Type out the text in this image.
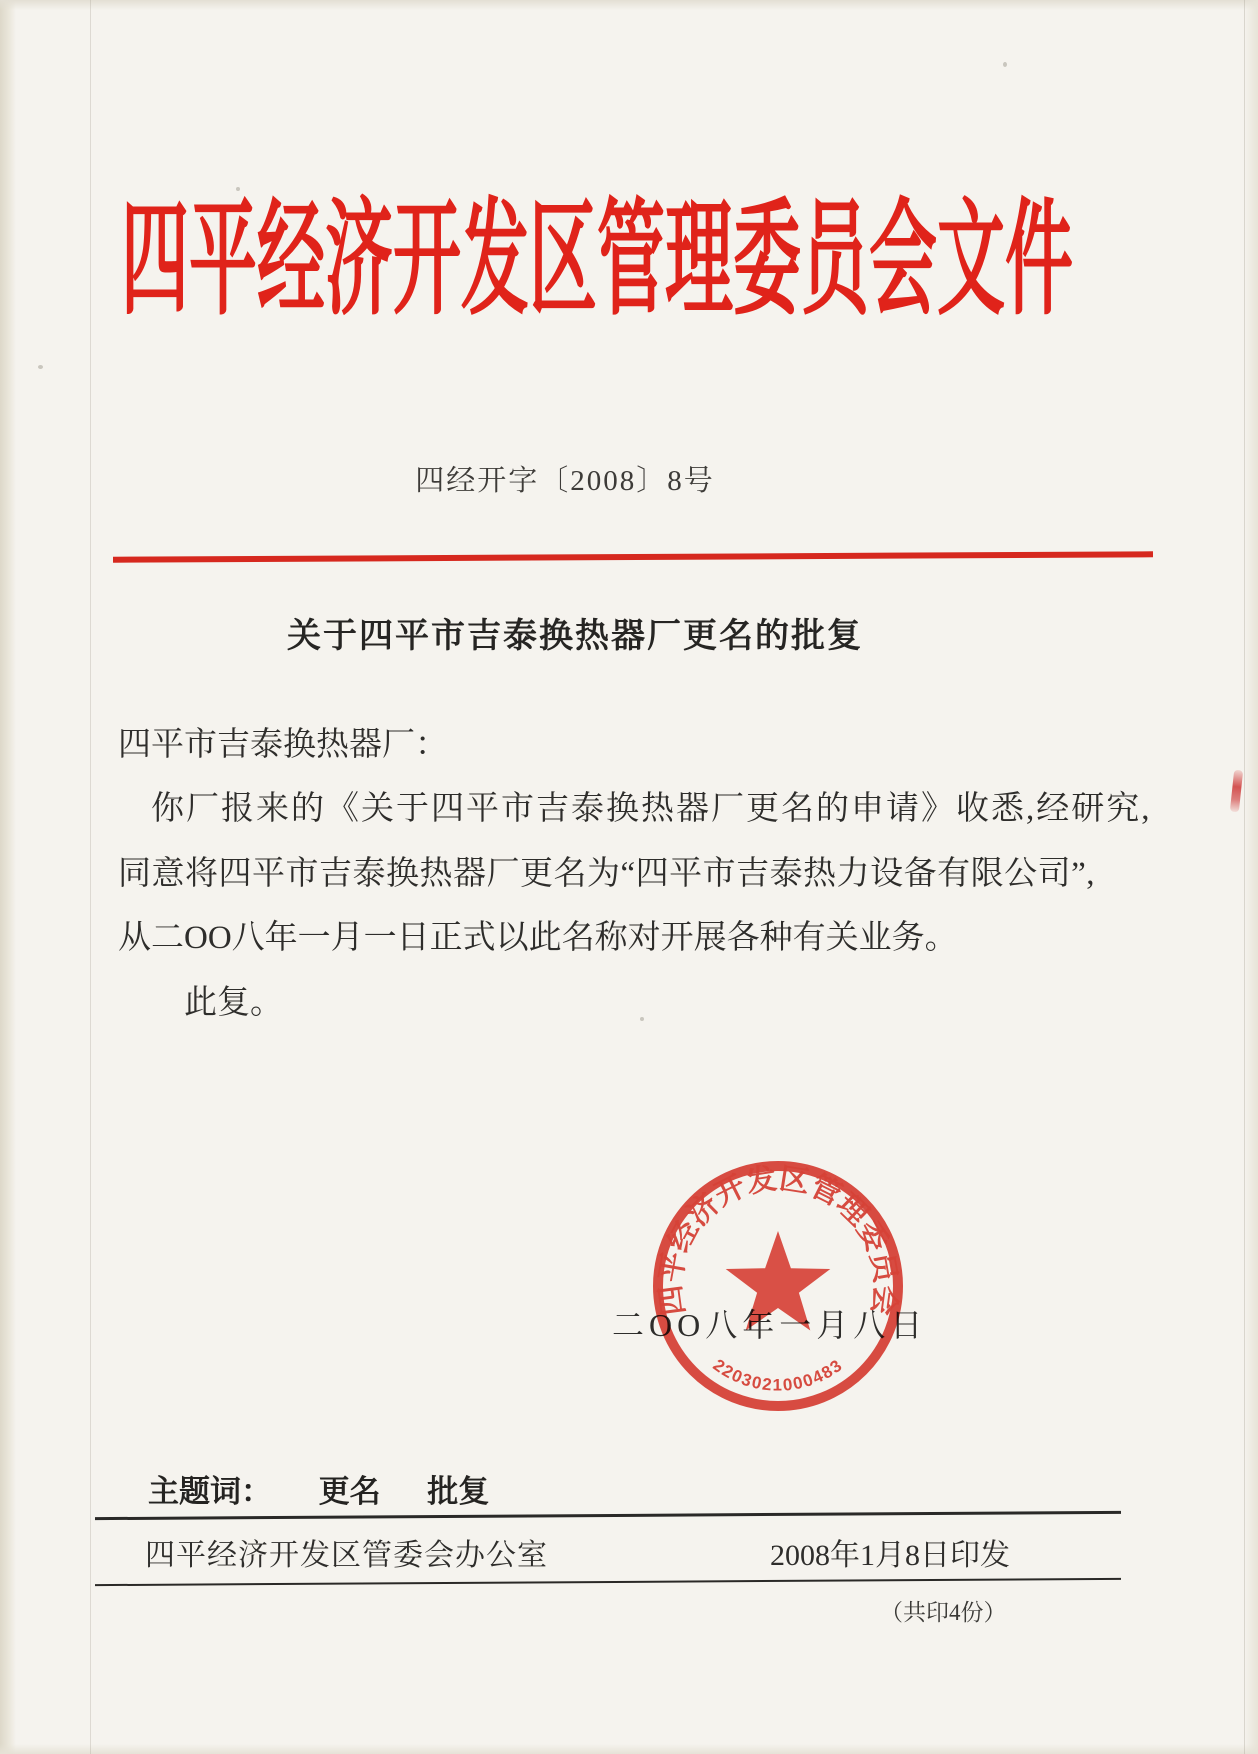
四平经济开发区管理委员会文件
四经开字〔2008〕8号
关于四平市吉泰换热器厂更名的批复
四平市吉泰换热器厂：
你厂报来的《关于四平市吉泰换热器厂更名的申请》收悉,经研究,
同意将四平市吉泰换热器厂更名为“四平市吉泰热力设备有限公司”,
从二OO八年一月一日正式以此名称对开展各种有关业务。
此复。
二OO八年一月八日
四平经济开发区管理委员会
2203021000483
主题词： 更名 批复
四平经济开发区管委会办公室	2008年1月8日印发
（共印4份）
